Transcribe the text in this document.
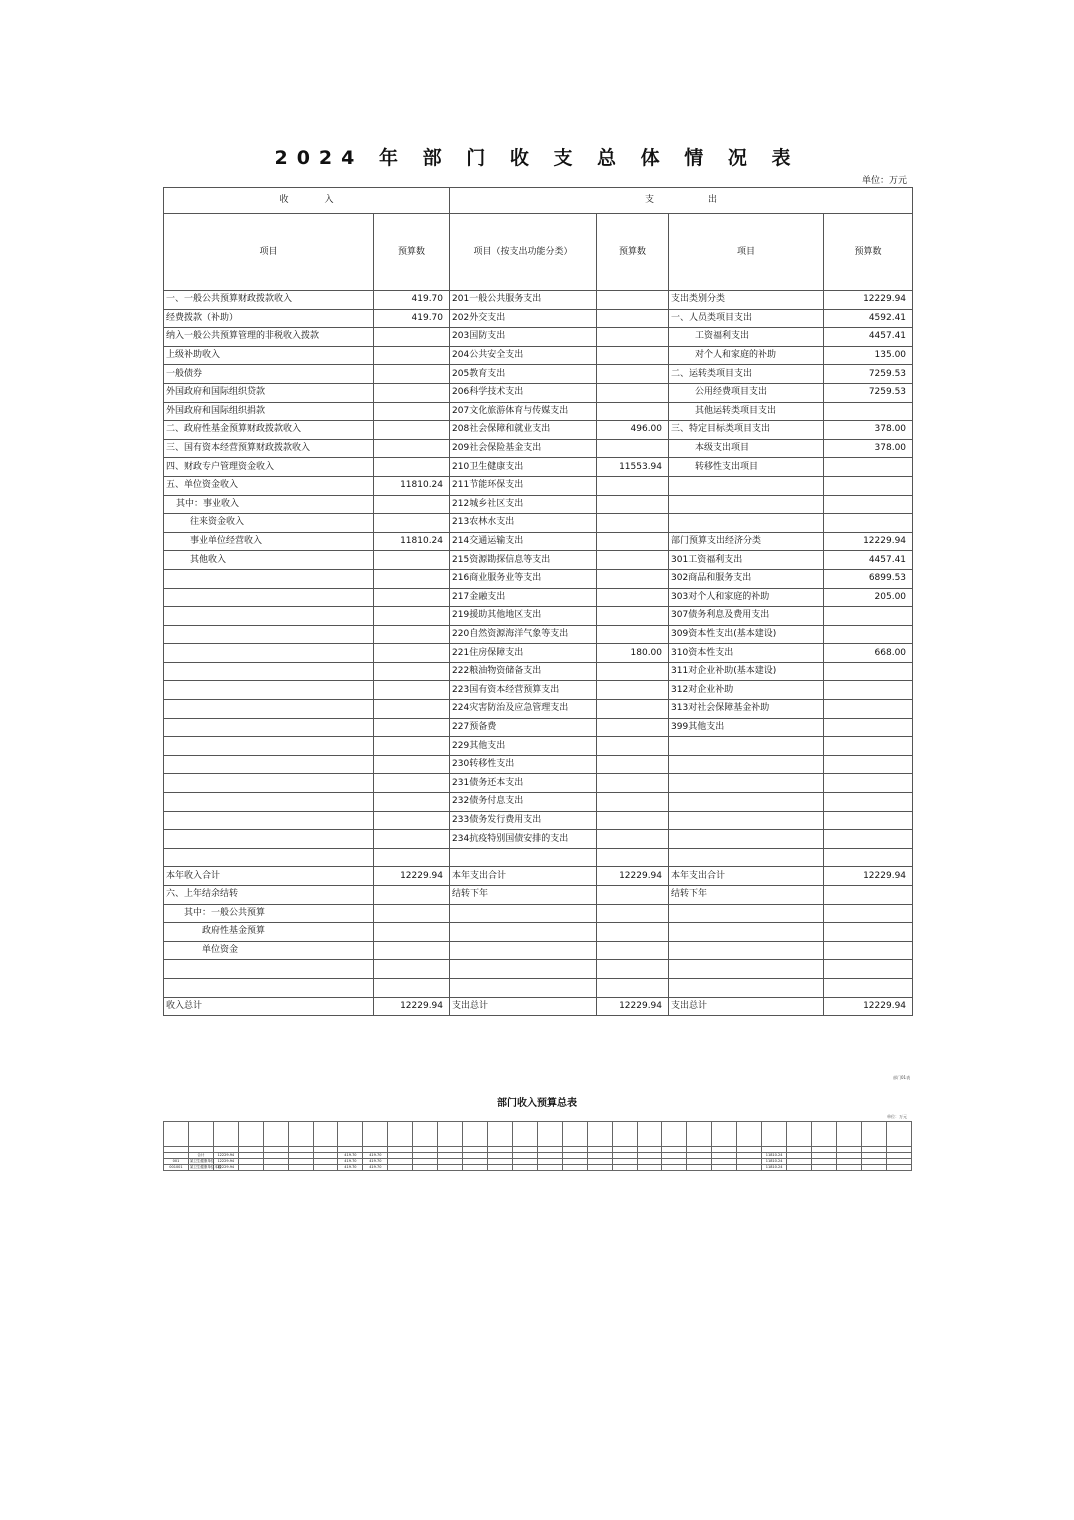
2024 年 部 门 收 支 总 体 情 况 表
单位：万元
收　　　　入		支　　　　　　出			
项目	预算数	项目（按支出功能分类）	预算数	项目	预算数
一、一般公共预算财政拨款收入	419.70	201一般公共服务支出		支出类别分类	12229.94
经费拨款（补助）	419.70	202外交支出		一、人员类项目支出	4592.41
纳入一般公共预算管理的非税收入拨款		203国防支出		工资福利支出	4457.41
上级补助收入		204公共安全支出		对个人和家庭的补助	135.00
一般债券		205教育支出		二、运转类项目支出	7259.53
外国政府和国际组织贷款		206科学技术支出		公用经费项目支出	7259.53
外国政府和国际组织捐款		207文化旅游体育与传媒支出		其他运转类项目支出	
二、政府性基金预算财政拨款收入		208社会保障和就业支出	496.00	三、特定目标类项目支出	378.00
三、国有资本经营预算财政拨款收入		209社会保险基金支出		本级支出项目	378.00
四、财政专户管理资金收入		210卫生健康支出	11553.94	转移性支出项目	
五、单位资金收入	11810.24	211节能环保支出			
其中：事业收入		212城乡社区支出			
往来资金收入		213农林水支出			
事业单位经营收入	11810.24	214交通运输支出		部门预算支出经济分类	12229.94
其他收入		215资源勘探信息等支出		301工资福利支出	4457.41
		216商业服务业等支出		302商品和服务支出	6899.53
		217金融支出		303对个人和家庭的补助	205.00
		219援助其他地区支出		307债务利息及费用支出	
		220自然资源海洋气象等支出		309资本性支出(基本建设)	
		221住房保障支出	180.00	310资本性支出	668.00
		222粮油物资储备支出		311对企业补助(基本建设)	
		223国有资本经营预算支出		312对企业补助	
		224灾害防治及应急管理支出		313对社会保障基金补助	
		227预备费		399其他支出	
		229其他支出			
		230转移性支出			
		231债务还本支出			
		232债务付息支出			
		233债务发行费用支出			
		234抗疫特别国债安排的支出			

本年收入合计	12229.94	本年支出合计	12229.94	本年支出合计	12229.94
六、上年结余结转		结转下年		结转下年	
其中：一般公共预算					
政府性基金预算					
单位资金					

收入总计	12229.94	支出总计	12229.94	支出总计	12229.94
部门01表
部门收入预算总表
单位：万元

	合计	12229.94					419.70	419.70																11810.24					
001	某卫生健康单位	12229.94					419.70	419.70																11810.24					
001001	某卫生健康单位本级	12229.94					419.70	419.70																11810.24					
